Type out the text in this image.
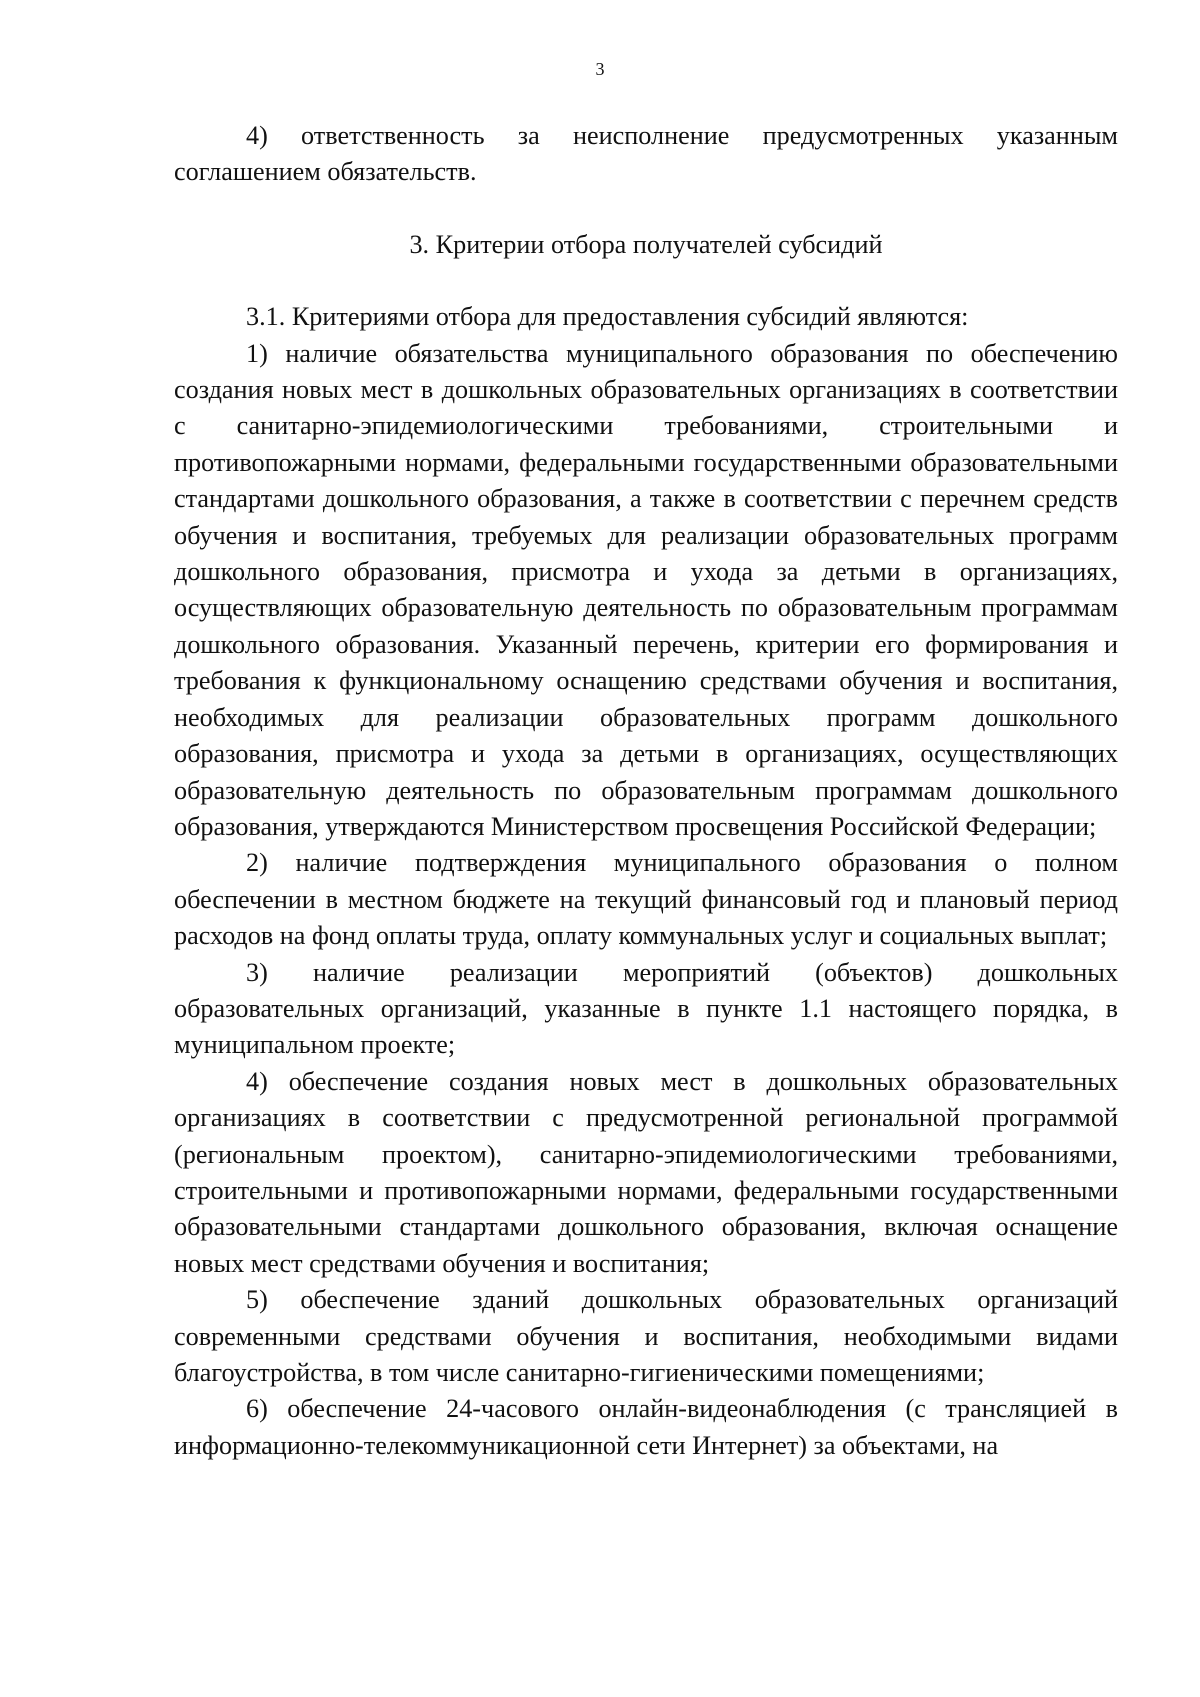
3

4) ответственность за неисполнение предусмотренных указанным соглашением обязательств.

3. Критерии отбора получателей субсидий

3.1. Критериями отбора для предоставления субсидий являются:

1) наличие обязательства муниципального образования по обеспечению создания новых мест в дошкольных образовательных организациях в соответствии с санитарно-эпидемиологическими требованиями, строительными и противопожарными нормами, федеральными государственными образовательными стандартами дошкольного образования, а также в соответствии с перечнем средств обучения и воспитания, требуемых для реализации образовательных программ дошкольного образования, присмотра и ухода за детьми в организациях, осуществляющих образовательную деятельность по образовательным программам дошкольного образования. Указанный перечень, критерии его формирования и требования к функциональному оснащению средствами обучения и воспитания, необходимых для реализации образовательных программ дошкольного образования, присмотра и ухода за детьми в организациях, осуществляющих образовательную деятельность по образовательным программам дошкольного образования, утверждаются Министерством просвещения Российской Федерации;

2) наличие подтверждения муниципального образования о полном обеспечении в местном бюджете на текущий финансовый год и плановый период расходов на фонд оплаты труда, оплату коммунальных услуг и социальных выплат;

3) наличие реализации мероприятий (объектов) дошкольных образовательных организаций, указанные в пункте 1.1 настоящего порядка, в муниципальном проекте;

4) обеспечение создания новых мест в дошкольных образовательных организациях в соответствии с предусмотренной региональной программой (региональным проектом), санитарно-эпидемиологическими требованиями, строительными и противопожарными нормами, федеральными государственными образовательными стандартами дошкольного образования, включая оснащение новых мест средствами обучения и воспитания;

5) обеспечение зданий дошкольных образовательных организаций современными средствами обучения и воспитания, необходимыми видами благоустройства, в том числе санитарно-гигиеническими помещениями;

6) обеспечение 24-часового онлайн-видеонаблюдения (с трансляцией в информационно-телекоммуникационной сети Интернет) за объектами, на
